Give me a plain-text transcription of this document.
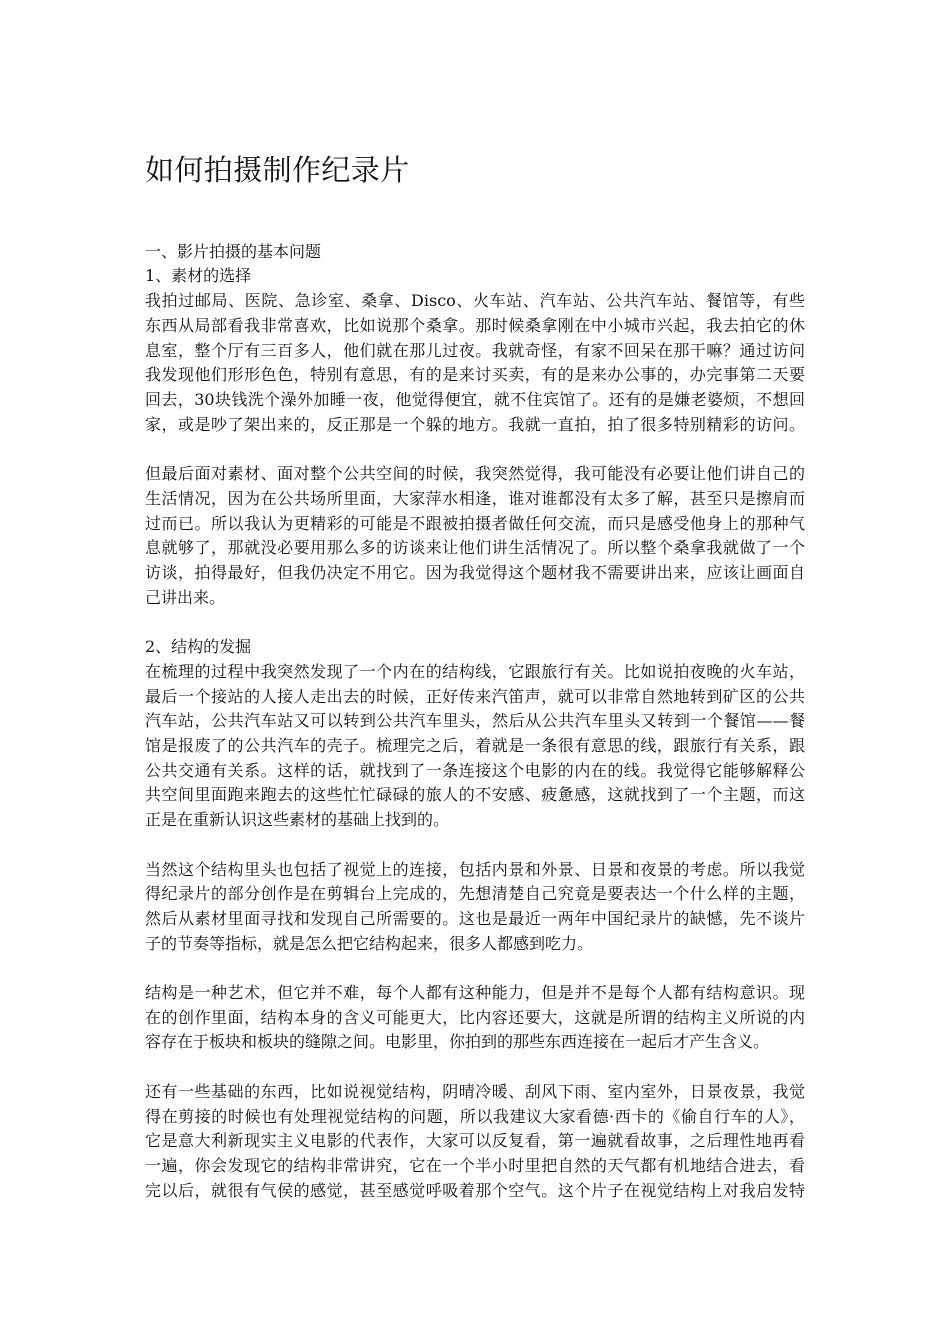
如何拍摄制作纪录片

一、影片拍摄的基本问题

1、素材的选择

我拍过邮局、医院、急诊室、桑拿、Disco、火车站、汽车站、公共汽车站、餐馆等，有些

东西从局部看我非常喜欢，比如说那个桑拿。那时候桑拿刚在中小城市兴起，我去拍它的休

息室，整个厅有三百多人，他们就在那儿过夜。我就奇怪，有家不回呆在那干嘛？通过访问

我发现他们形形色色，特别有意思，有的是来讨买卖，有的是来办公事的，办完事第二天要

回去，30块钱洗个澡外加睡一夜，他觉得便宜，就不住宾馆了。还有的是嫌老婆烦，不想回

家，或是吵了架出来的，反正那是一个躲的地方。我就一直拍，拍了很多特别精彩的访问。

但最后面对素材、面对整个公共空间的时候，我突然觉得，我可能没有必要让他们讲自己的

生活情况，因为在公共场所里面，大家萍水相逢，谁对谁都没有太多了解，甚至只是擦肩而

过而已。所以我认为更精彩的可能是不跟被拍摄者做任何交流，而只是感受他身上的那种气

息就够了，那就没必要用那么多的访谈来让他们讲生活情况了。所以整个桑拿我就做了一个

访谈，拍得最好，但我仍决定不用它。因为我觉得这个题材我不需要讲出来，应该让画面自

己讲出来。

2、结构的发掘

在梳理的过程中我突然发现了一个内在的结构线，它跟旅行有关。比如说拍夜晚的火车站，

最后一个接站的人接人走出去的时候，正好传来汽笛声，就可以非常自然地转到矿区的公共

汽车站，公共汽车站又可以转到公共汽车里头，然后从公共汽车里头又转到一个餐馆——餐

馆是报废了的公共汽车的壳子。梳理完之后，着就是一条很有意思的线，跟旅行有关系，跟

公共交通有关系。这样的话，就找到了一条连接这个电影的内在的线。我觉得它能够解释公

共空间里面跑来跑去的这些忙忙碌碌的旅人的不安感、疲惫感，这就找到了一个主题，而这

正是在重新认识这些素材的基础上找到的。

当然这个结构里头也包括了视觉上的连接，包括内景和外景、日景和夜景的考虑。所以我觉

得纪录片的部分创作是在剪辑台上完成的，先想清楚自己究竟是要表达一个什么样的主题，

然后从素材里面寻找和发现自己所需要的。这也是最近一两年中国纪录片的缺憾，先不谈片

子的节奏等指标，就是怎么把它结构起来，很多人都感到吃力。

结构是一种艺术，但它并不难，每个人都有这种能力，但是并不是每个人都有结构意识。现

在的创作里面，结构本身的含义可能更大，比内容还要大，这就是所谓的结构主义所说的内

容存在于板块和板块的缝隙之间。电影里，你拍到的那些东西连接在一起后才产生含义。

还有一些基础的东西，比如说视觉结构，阴晴冷暖、刮风下雨、室内室外，日景夜景，我觉

得在剪接的时候也有处理视觉结构的问题，所以我建议大家看德·西卡的《偷自行车的人》，

它是意大利新现实主义电影的代表作，大家可以反复看，第一遍就看故事，之后理性地再看

一遍，你会发现它的结构非常讲究，它在一个半小时里把自然的天气都有机地结合进去，看

完以后，就很有气侯的感觉，甚至感觉呼吸着那个空气。这个片子在视觉结构上对我启发特
